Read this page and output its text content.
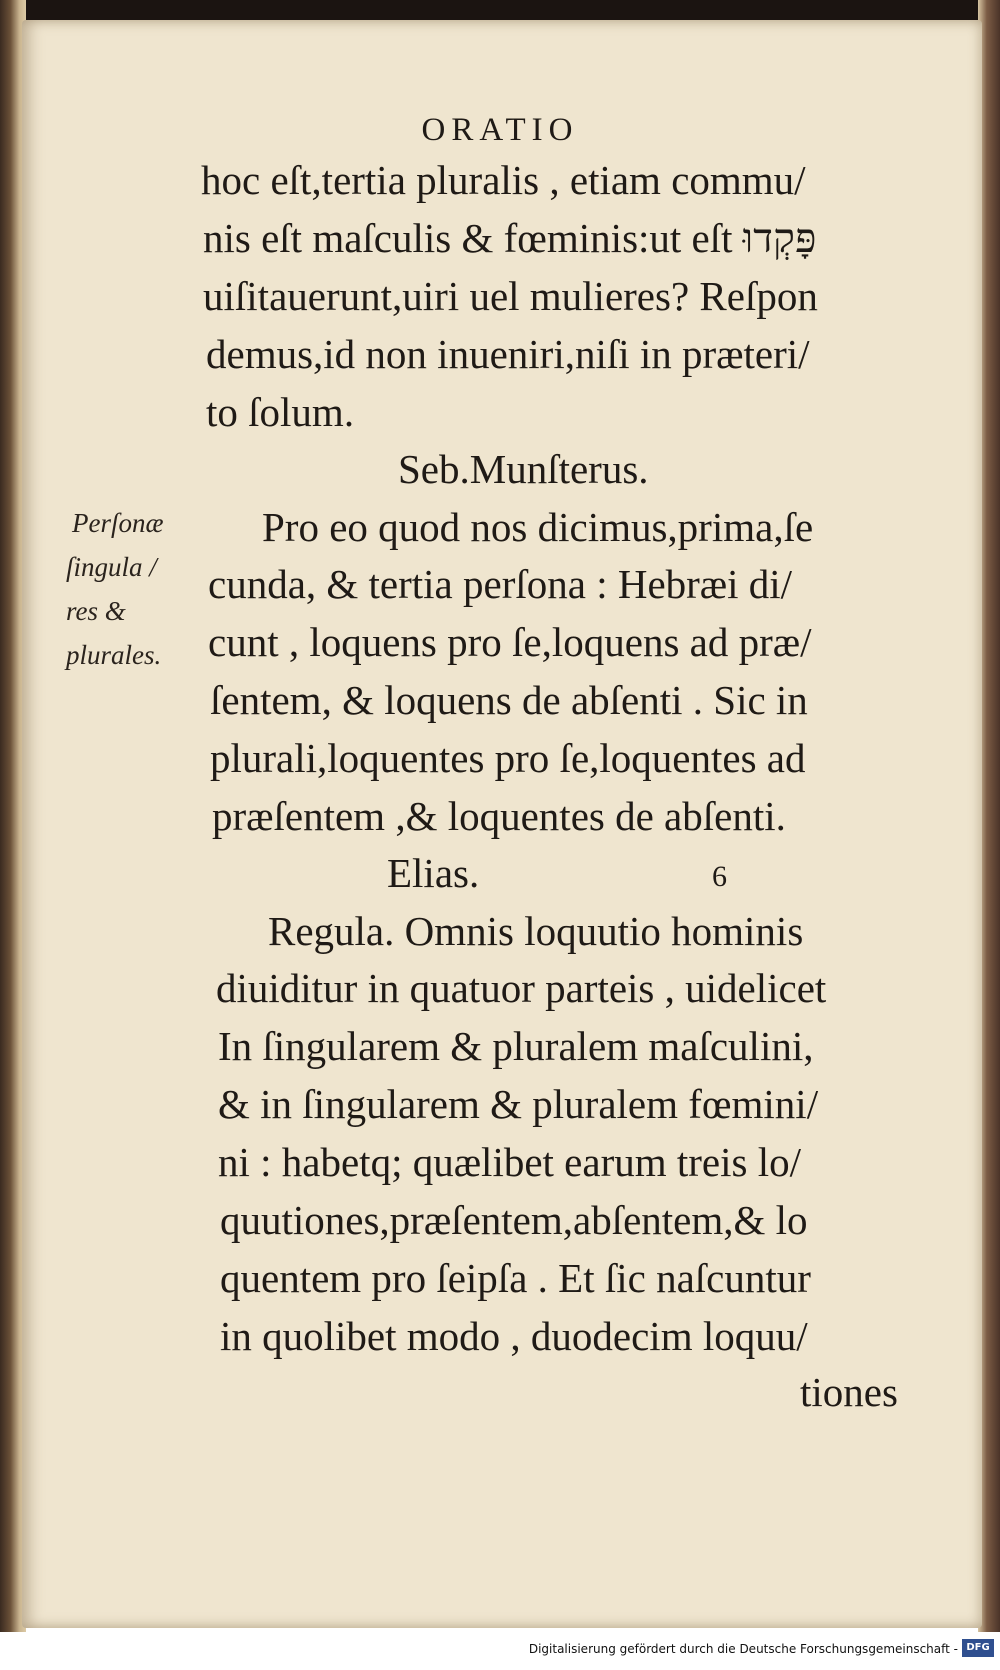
ORATIO
hoc eſt,tertia pluralis , etiam commu/
nis eſt maſculis & fœminis:ut eſt פָּקְדוּ
uiſitauerunt,uiri uel mulieres? Reſpon
demus,id non inueniri,niſi in præteri/
to ſolum.
Seb.Munſterus.
Pro eo quod nos dicimus,prima,ſe
cunda, & tertia perſona : Hebræi di/
cunt , loquens pro ſe,loquens ad præ/
ſentem, & loquens de abſenti . Sic in
plurali,loquentes pro ſe,loquentes ad
præſentem ,& loquentes de abſenti.
Elias.	6
Regula. Omnis loquutio hominis
diuiditur in quatuor parteis , uidelicet
In ſingularem & pluralem maſculini,
& in ſingularem & pluralem fœmini/
ni : habetq; quælibet earum treis lo/
quutiones,præſentem,abſentem,& lo
quentem pro ſeipſa . Et ſic naſcuntur
in quolibet modo , duodecim loquu/
tiones
Perſonæ
ſingula /
res &
plurales.
Digitalisierung gefördert durch die Deutsche Forschungsgemeinschaft - DFG
